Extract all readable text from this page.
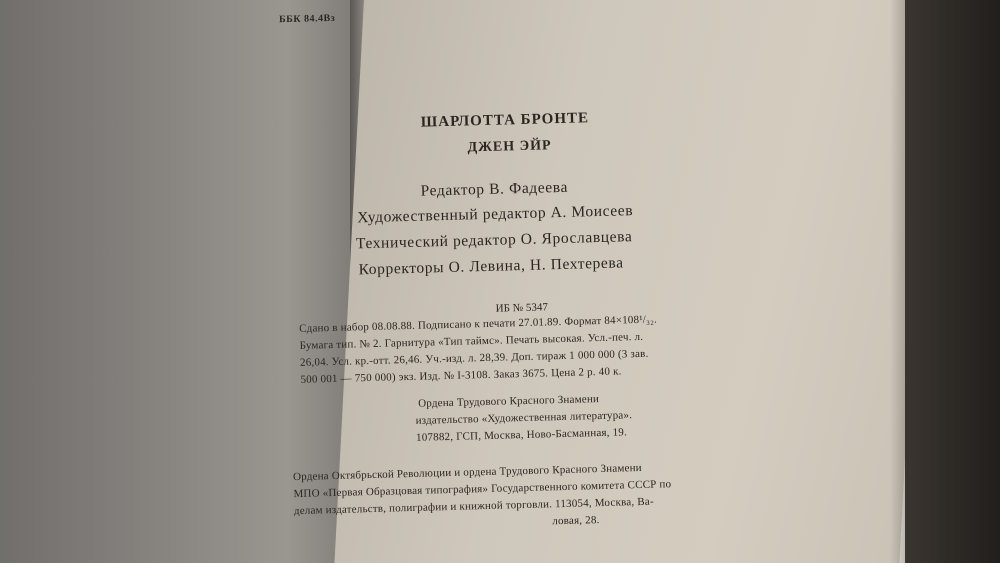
ББК 84.4Вз
ШАРЛОТТА БРОНТЕ
ДЖЕН ЭЙР
Редактор В. Фадеева
Художественный редактор А. Моисеев
Технический редактор О. Ярославцева
Корректоры О. Левина, Н. Пехтерева
ИБ № 5347
Сдано в набор 08.08.88. Подписано к печати 27.01.89. Формат 84×108¹/₃₂.
Бумага тип. № 2. Гарнитура «Тип таймс». Печать высокая. Усл.-печ. л.
26,04. Усл. кр.-отт. 26,46. Уч.-изд. л. 28,39. Доп. тираж 1 000 000 (3 зав.
500 001 — 750 000) экз. Изд. № I-3108. Заказ 3675. Цена 2 р. 40 к.
Ордена Трудового Красного Знамени
издательство «Художественная литература».
107882, ГСП, Москва, Ново-Басманная, 19.
Ордена Октябрьской Революции и ордена Трудового Красного Знамени
МПО «Первая Образцовая типография» Государственного комитета СССР по
делам издательств, полиграфии и книжной торговли. 113054, Москва, Ва-
ловая, 28.
